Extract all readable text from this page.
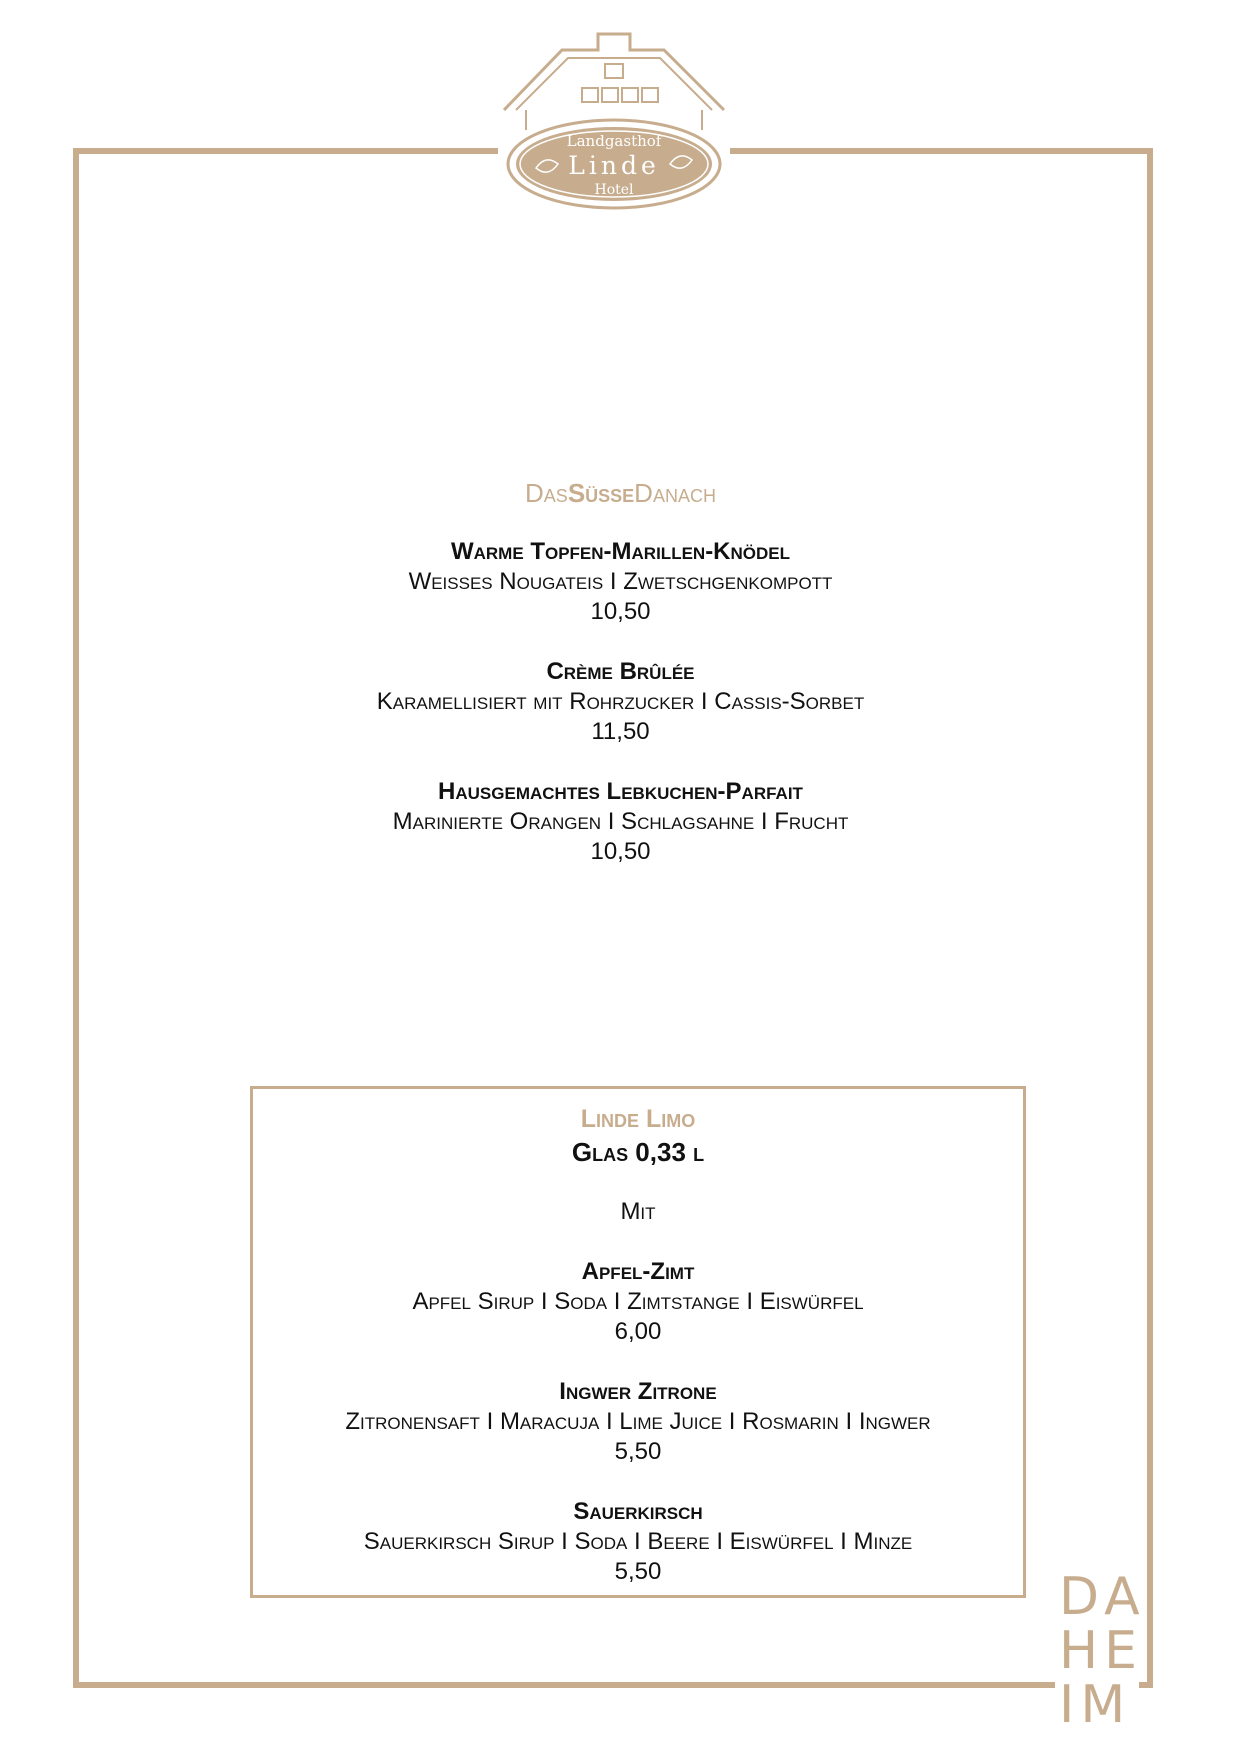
Landgasthof
Linde
Hotel
DasSüßeDanach
Warme Topfen-Marillen-Knödel
Weißes Nougateis I Zwetschgenkompott
10,50
Crème Brûlée
Karamellisiert mit Rohrzucker I Cassis-Sorbet
11,50
Hausgemachtes Lebkuchen-Parfait
Marinierte Orangen I Schlagsahne I Frucht
10,50
Linde Limo
Glas 0,33 l
Mit
Apfel-Zimt
Apfel Sirup I Soda I Zimtstange I Eiswürfel
6,00
Ingwer Zitrone
Zitronensaft I Maracuja I Lime Juice I Rosmarin I Ingwer
5,50
Sauerkirsch
Sauerkirsch Sirup I Soda I Beere I Eiswürfel I Minze
5,50	DA
HE
IM
